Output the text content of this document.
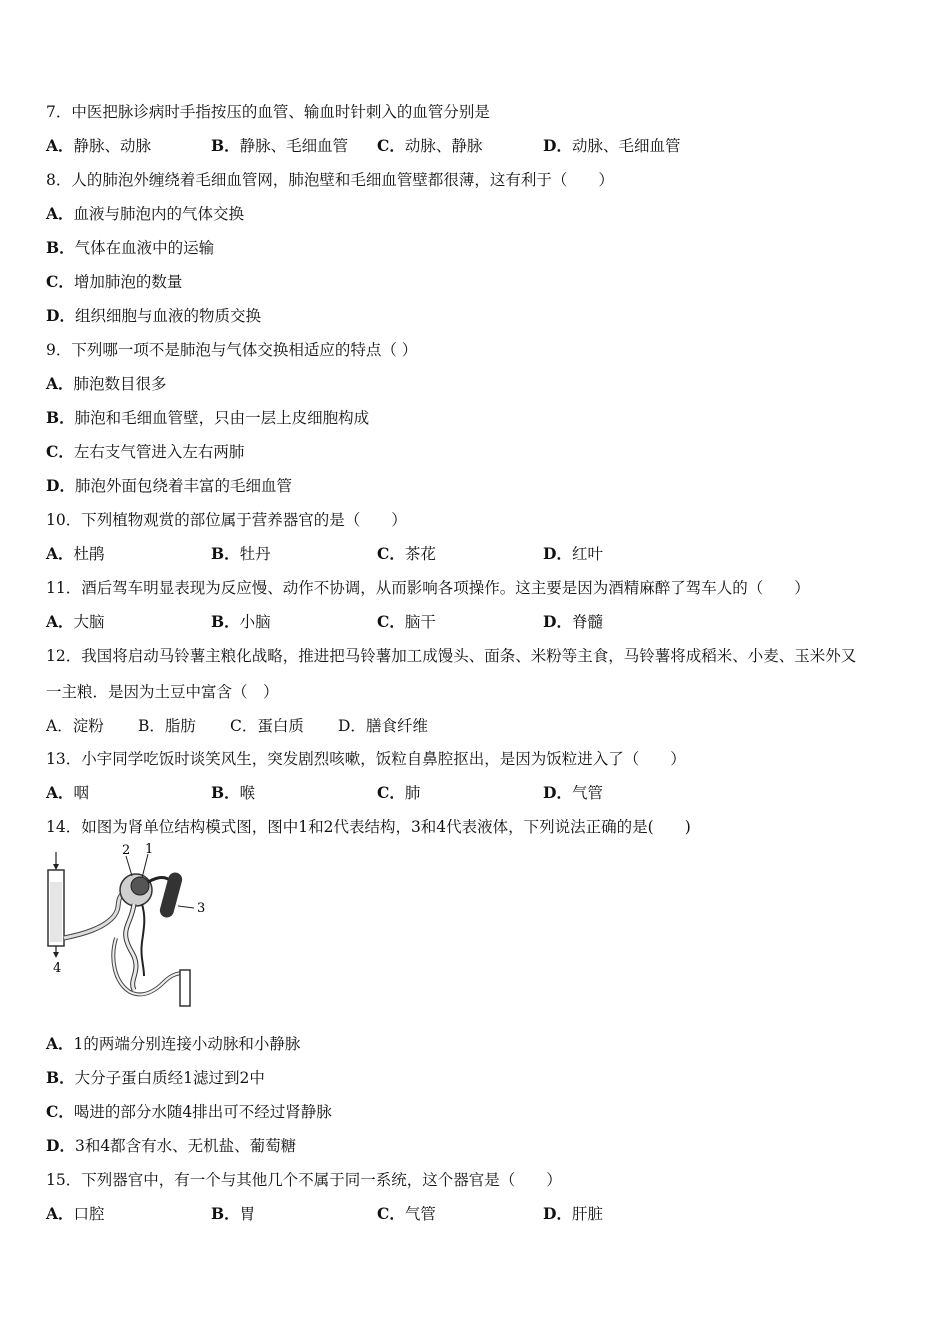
7．中医把脉诊病时手指按压的血管、输血时针刺入的血管分别是
A．静脉、动脉	B．静脉、毛细血管 C．动脉、静脉	D．动脉、毛细血管
8．人的肺泡外缠绕着毛细血管网，肺泡壁和毛细血管壁都很薄，这有利于（　　）
A．血液与肺泡内的气体交换
B．气体在血液中的运输
C．增加肺泡的数量
D．组织细胞与血液的物质交换
9．下列哪一项不是肺泡与气体交换相适应的特点（ ）
A．肺泡数目很多
B．肺泡和毛细血管壁，只由一层上皮细胞构成
C．左右支气管进入左右两肺
D．肺泡外面包绕着丰富的毛细血管
10．下列植物观赏的部位属于营养器官的是（　　）
A．杜鹃	B．牡丹	C．茶花	D．红叶
11．酒后驾车明显表现为反应慢、动作不协调，从而影响各项操作。这主要是因为酒精麻醉了驾车人的（　　）
A．大脑	B．小脑	C．脑干	D．脊髓
12．我国将启动马铃薯主粮化战略，推进把马铃薯加工成馒头、面条、米粉等主食，马铃薯将成稻米、小麦、玉米外又
一主粮．是因为土豆中富含（　）
A．淀粉 B．脂肪 C．蛋白质 D．膳食纤维
13．小宇同学吃饭时谈笑风生，突发剧烈咳嗽，饭粒自鼻腔抠出，是因为饭粒进入了（　　）
A．咽	B．喉	C．肺	D．气管
14．如图为肾单位结构模式图，图中1和2代表结构，3和4代表液体，下列说法正确的是(　　)
2 1
3
4
A．1的两端分别连接小动脉和小静脉
B．大分子蛋白质经1滤过到2中
C．喝进的部分水随4排出可不经过肾静脉
D．3和4都含有水、无机盐、葡萄糖
15．下列器官中，有一个与其他几个不属于同一系统，这个器官是（　　）
A．口腔	B．胃	C．气管	D．肝脏
